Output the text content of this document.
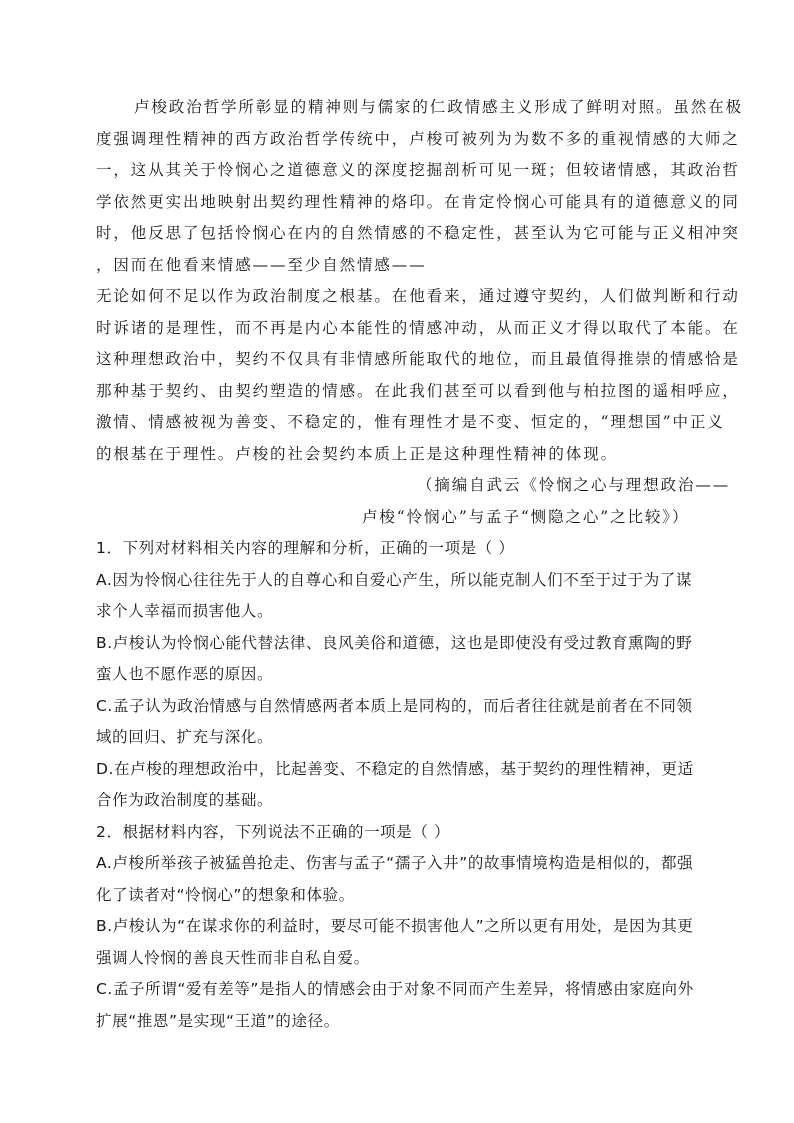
卢梭政治哲学所彰显的精神则与儒家的仁政情感主义形成了鲜明对照。虽然在极
度强调理性精神的西方政治哲学传统中，卢梭可被列为为数不多的重视情感的大师之
一，这从其关于怜悯心之道德意义的深度挖掘剖析可见一斑；但较诸情感，其政治哲
学依然更实出地映射出契约理性精神的烙印。在肯定怜悯心可能具有的道德意义的同
时，他反思了包括怜悯心在内的自然情感的不稳定性，甚至认为它可能与正义相冲突
，因而在他看来情感——至少自然情感——
无论如何不足以作为政治制度之根基。在他看来，通过遵守契约，人们做判断和行动
时诉诸的是理性，而不再是内心本能性的情感冲动，从而正义才得以取代了本能。在
这种理想政治中，契约不仅具有非情感所能取代的地位，而且最值得推崇的情感恰是
那种基于契约、由契约塑造的情感。在此我们甚至可以看到他与柏拉图的遥相呼应，
激情、情感被视为善变、不稳定的，惟有理性才是不变、恒定的，“理想国”中正义
的根基在于理性。卢梭的社会契约本质上正是这种理性精神的体现。
（摘编自武云《怜悯之心与理想政治——
卢梭“怜悯心”与孟子“恻隐之心”之比较》）
1．下列对材料相关内容的理解和分析，正确的一项是（ ）
A.因为怜悯心往往先于人的自尊心和自爱心产生，所以能克制人们不至于过于为了谋
求个人幸福而损害他人。
B.卢梭认为怜悯心能代替法律、良风美俗和道德，这也是即使没有受过教育熏陶的野
蛮人也不愿作恶的原因。
C.孟子认为政治情感与自然情感两者本质上是同构的，而后者往往就是前者在不同领
域的回归、扩充与深化。
D.在卢梭的理想政治中，比起善变、不稳定的自然情感，基于契约的理性精神，更适
合作为政治制度的基础。
2．根据材料内容，下列说法不正确的一项是（ ）
A.卢梭所举孩子被猛兽抢走、伤害与孟子“孺子入井”的故事情境构造是相似的，都强
化了读者对“怜悯心”的想象和体验。
B.卢梭认为“在谋求你的利益时，要尽可能不损害他人”之所以更有用处，是因为其更
强调人怜悯的善良天性而非自私自爱。
C.孟子所谓“爱有差等”是指人的情感会由于对象不同而产生差异，将情感由家庭向外
扩展“推恩”是实现“王道”的途径。
